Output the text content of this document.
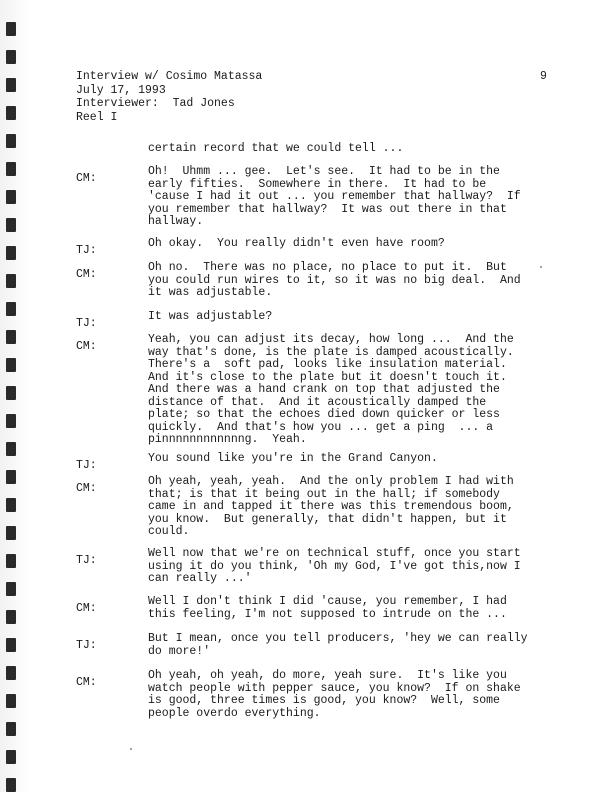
Interview w/ Cosimo Matassa
July 17, 1993
Interviewer:  Tad Jones
Reel I
9
certain record that we could tell ...
CM:
Oh!  Uhmm ... gee.  Let's see.  It had to be in the
early fifties.  Somewhere in there.  It had to be
'cause I had it out ... you remember that hallway?  If
you remember that hallway?  It was out there in that
hallway.
TJ:
Oh okay.  You really didn't even have room?
CM:
Oh no.  There was no place, no place to put it.  But
you could run wires to it, so it was no big deal.  And
it was adjustable.
TJ:
It was adjustable?
CM:
Yeah, you can adjust its decay, how long ...  And the
way that's done, is the plate is damped acoustically.
There's a  soft pad, looks like insulation material.
And it's close to the plate but it doesn't touch it.
And there was a hand crank on top that adjusted the
distance of that.  And it acoustically damped the
plate; so that the echoes died down quicker or less
quickly.  And that's how you ... get a ping  ... a
pinnnnnnnnnnnng.  Yeah.
TJ:
You sound like you're in the Grand Canyon.
CM:
Oh yeah, yeah, yeah.  And the only problem I had with
that; is that it being out in the hall; if somebody
came in and tapped it there was this tremendous boom,
you know.  But generally, that didn't happen, but it
could.
TJ:
Well now that we're on technical stuff, once you start
using it do you think, 'Oh my God, I've got this,now I
can really ...'
CM:
Well I don't think I did 'cause, you remember, I had
this feeling, I'm not supposed to intrude on the ...
TJ:
But I mean, once you tell producers, 'hey we can really
do more!'
CM:
Oh yeah, oh yeah, do more, yeah sure.  It's like you
watch people with pepper sauce, you know?  If on shake
is good, three times is good, you know?  Well, some
people overdo everything.
